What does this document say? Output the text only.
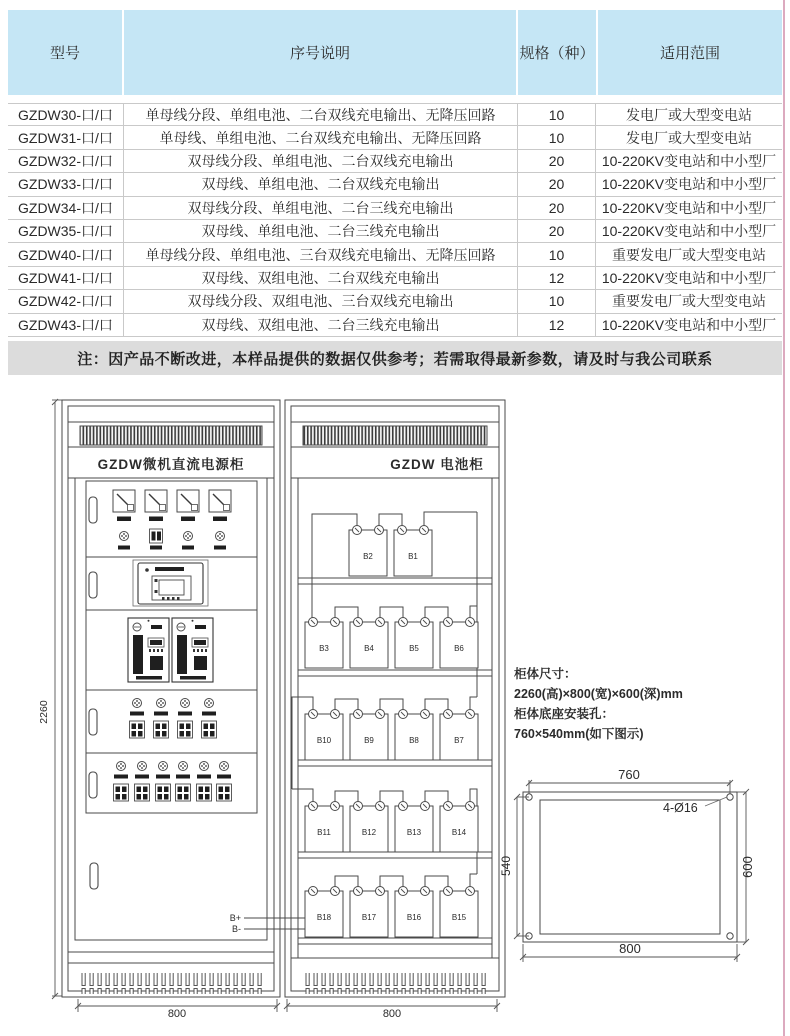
型号	序号说明	规格（种）	适用范围
GZDW30-口/口	单母线分段、单组电池、二台双线充电输出、无降压回路	10	发电厂或大型变电站
GZDW31-口/口	单母线、单组电池、二台双线充电输出、无降压回路	10	发电厂或大型变电站
GZDW32-口/口	双母线分段、单组电池、二台双线充电输出	20	10-220KV变电站和中小型厂
GZDW33-口/口	双母线、单组电池、二台双线充电输出	20	10-220KV变电站和中小型厂
GZDW34-口/口	双母线分段、单组电池、二台三线充电输出	20	10-220KV变电站和中小型厂
GZDW35-口/口	双母线、单组电池、二台三线充电输出	20	10-220KV变电站和中小型厂
GZDW40-口/口	单母线分段、单组电池、三台双线充电输出、无降压回路	10	重要发电厂或大型变电站
GZDW41-口/口	双母线、双组电池、二台双线充电输出	12	10-220KV变电站和中小型厂
GZDW42-口/口	双母线分段、双组电池、三台双线充电输出	10	重要发电厂或大型变电站
GZDW43-口/口	双母线、双组电池、二台三线充电输出	12	10-220KV变电站和中小型厂
注：因产品不断改进，本样品提供的数据仅供参考；若需取得最新参数，请及时与我公司联系
2260
GZDW微机直流电源柜
800
B+
B-
GZDW 电池柜
B2	B1
B3	B4	B5	B6
B10	B9	B8	B7
B11	B12	B13	B14
B18	B17	B16	B15
800
柜体尺寸：
2260(高)×800(宽)×600(深)mm
柜体底座安装孔：
760×540mm(如下图示)
760
4-Ø16
540	600
800
